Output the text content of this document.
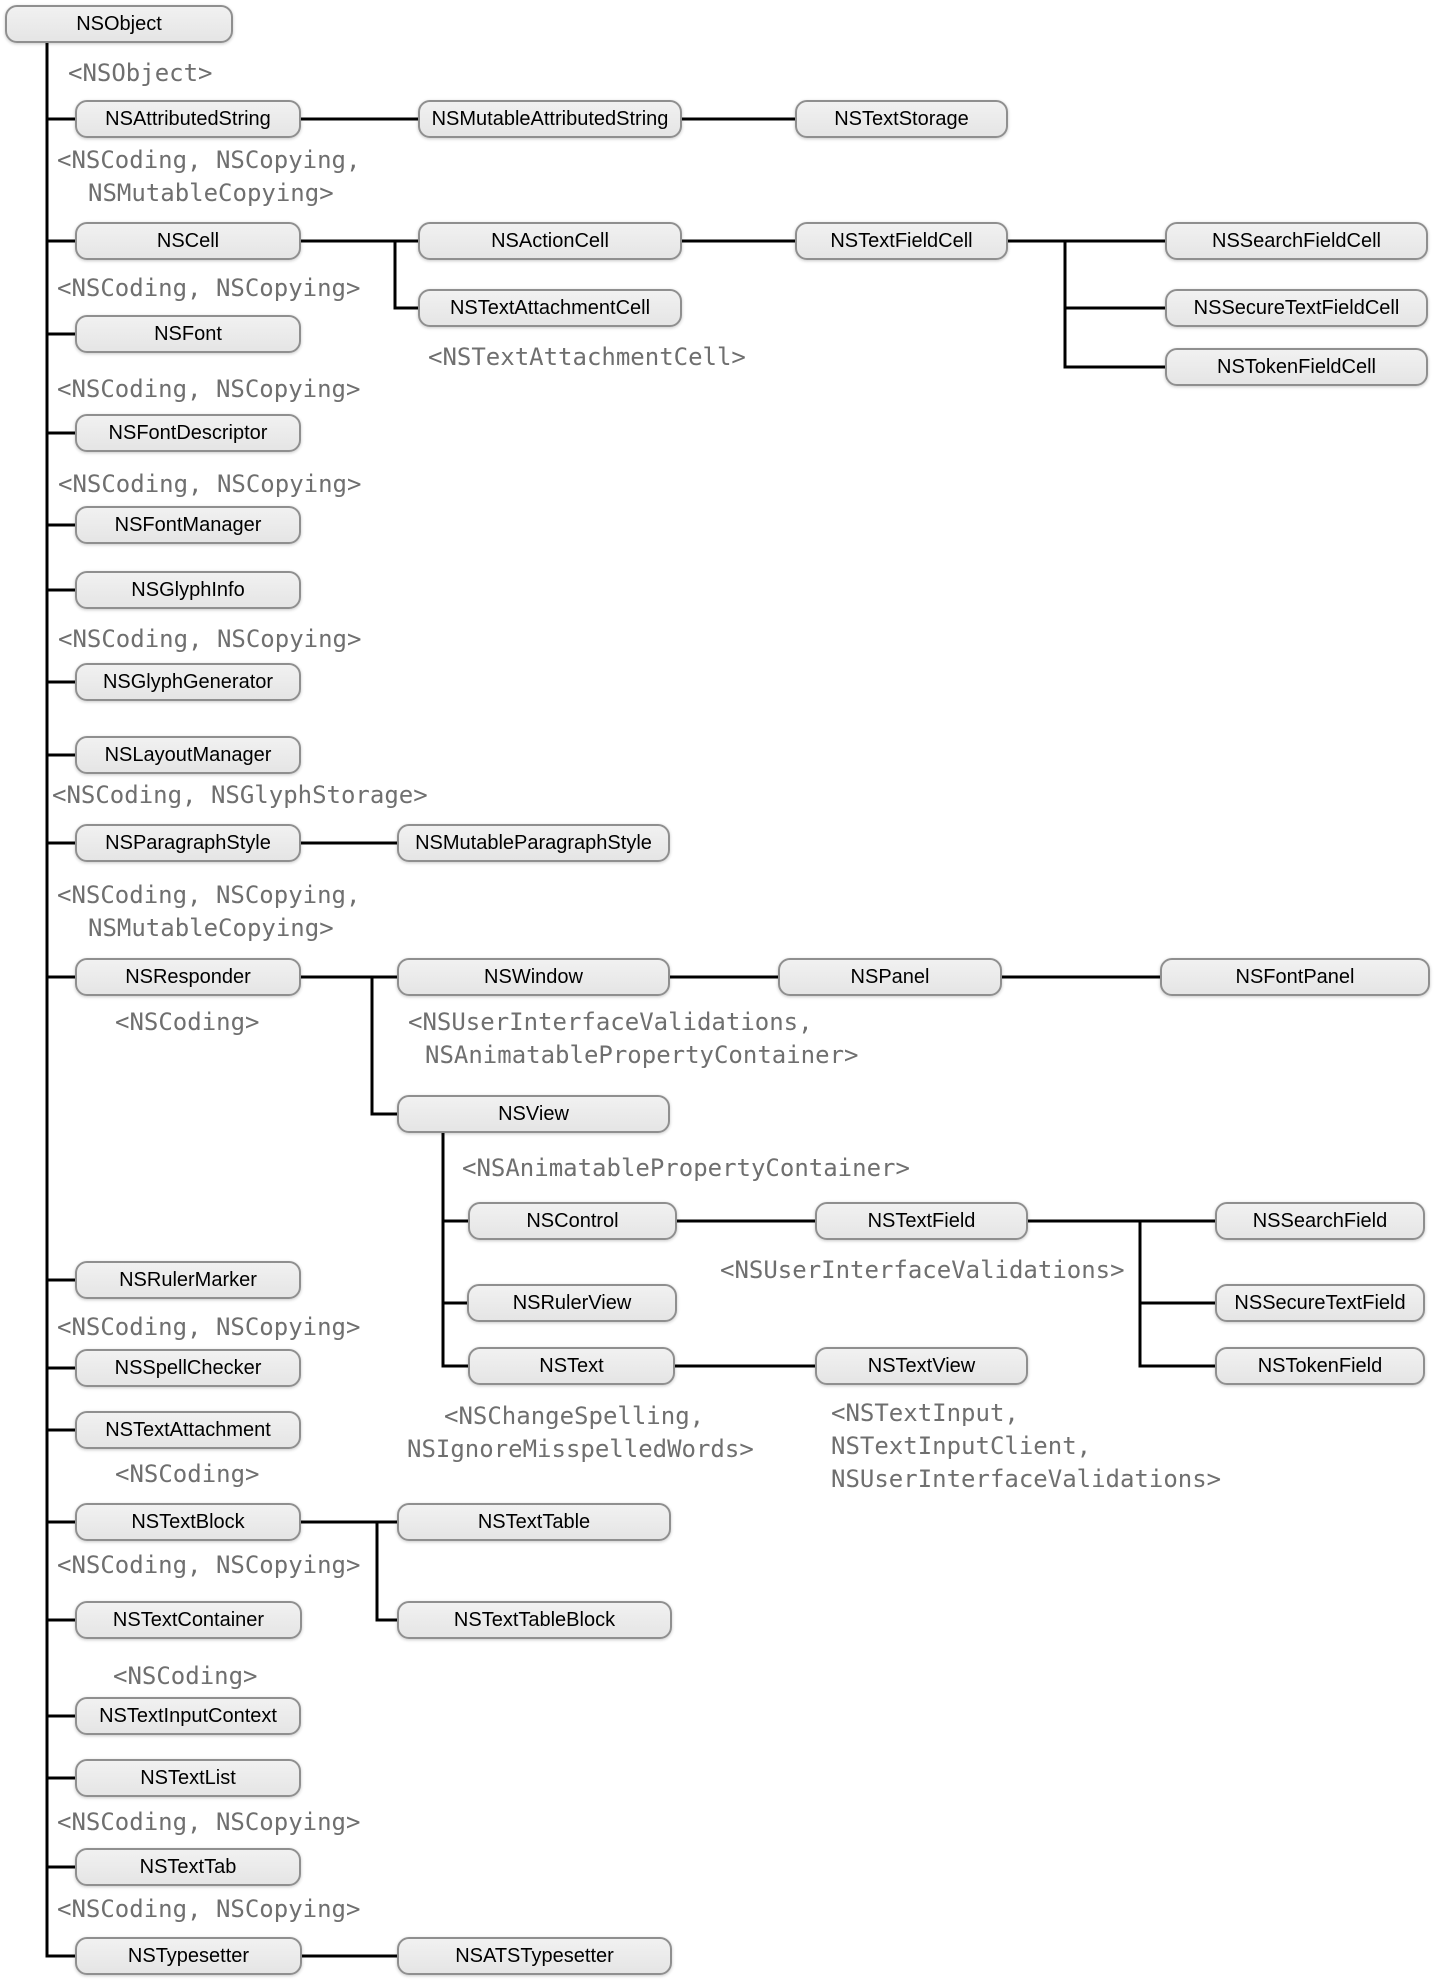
NSObject
NSAttributedString	NSMutableAttributedString	NSTextStorage
NSCell	NSActionCell	NSTextFieldCell	NSSearchFieldCell
NSTextAttachmentCell	NSSecureTextFieldCell
NSFont
NSTokenFieldCell
NSFontDescriptor
NSFontManager
NSGlyphInfo
NSGlyphGenerator
NSLayoutManager
NSParagraphStyle	NSMutableParagraphStyle
NSResponder	NSWindow	NSPanel	NSFontPanel
NSView
NSControl	NSTextField	NSSearchField
NSRulerMarker
NSRulerView	NSSecureTextField
NSSpellChecker	NSText	NSTextView	NSTokenField
NSTextAttachment
NSTextBlock	NSTextTable
NSTextContainer	NSTextTableBlock
NSTextInputContext
NSTextList
NSTextTab
NSTypesetter	NSATSTypesetter
<NSObject>
<NSCoding, NSCopying,
NSMutableCopying>
<NSCoding, NSCopying>
<NSTextAttachmentCell>
<NSCoding, NSCopying>
<NSCoding, NSCopying>
<NSCoding, NSCopying>
<NSCoding, NSGlyphStorage>
<NSCoding, NSCopying,
NSMutableCopying>
<NSCoding>	<NSUserInterfaceValidations,
NSAnimatablePropertyContainer>
<NSAnimatablePropertyContainer>
<NSUserInterfaceValidations>
<NSCoding, NSCopying>
<NSChangeSpelling,
NSIgnoreMisspelledWords>
<NSTextInput,
NSTextInputClient,
NSUserInterfaceValidations>
<NSCoding>
<NSCoding, NSCopying>
<NSCoding>
<NSCoding, NSCopying>
<NSCoding, NSCopying>
